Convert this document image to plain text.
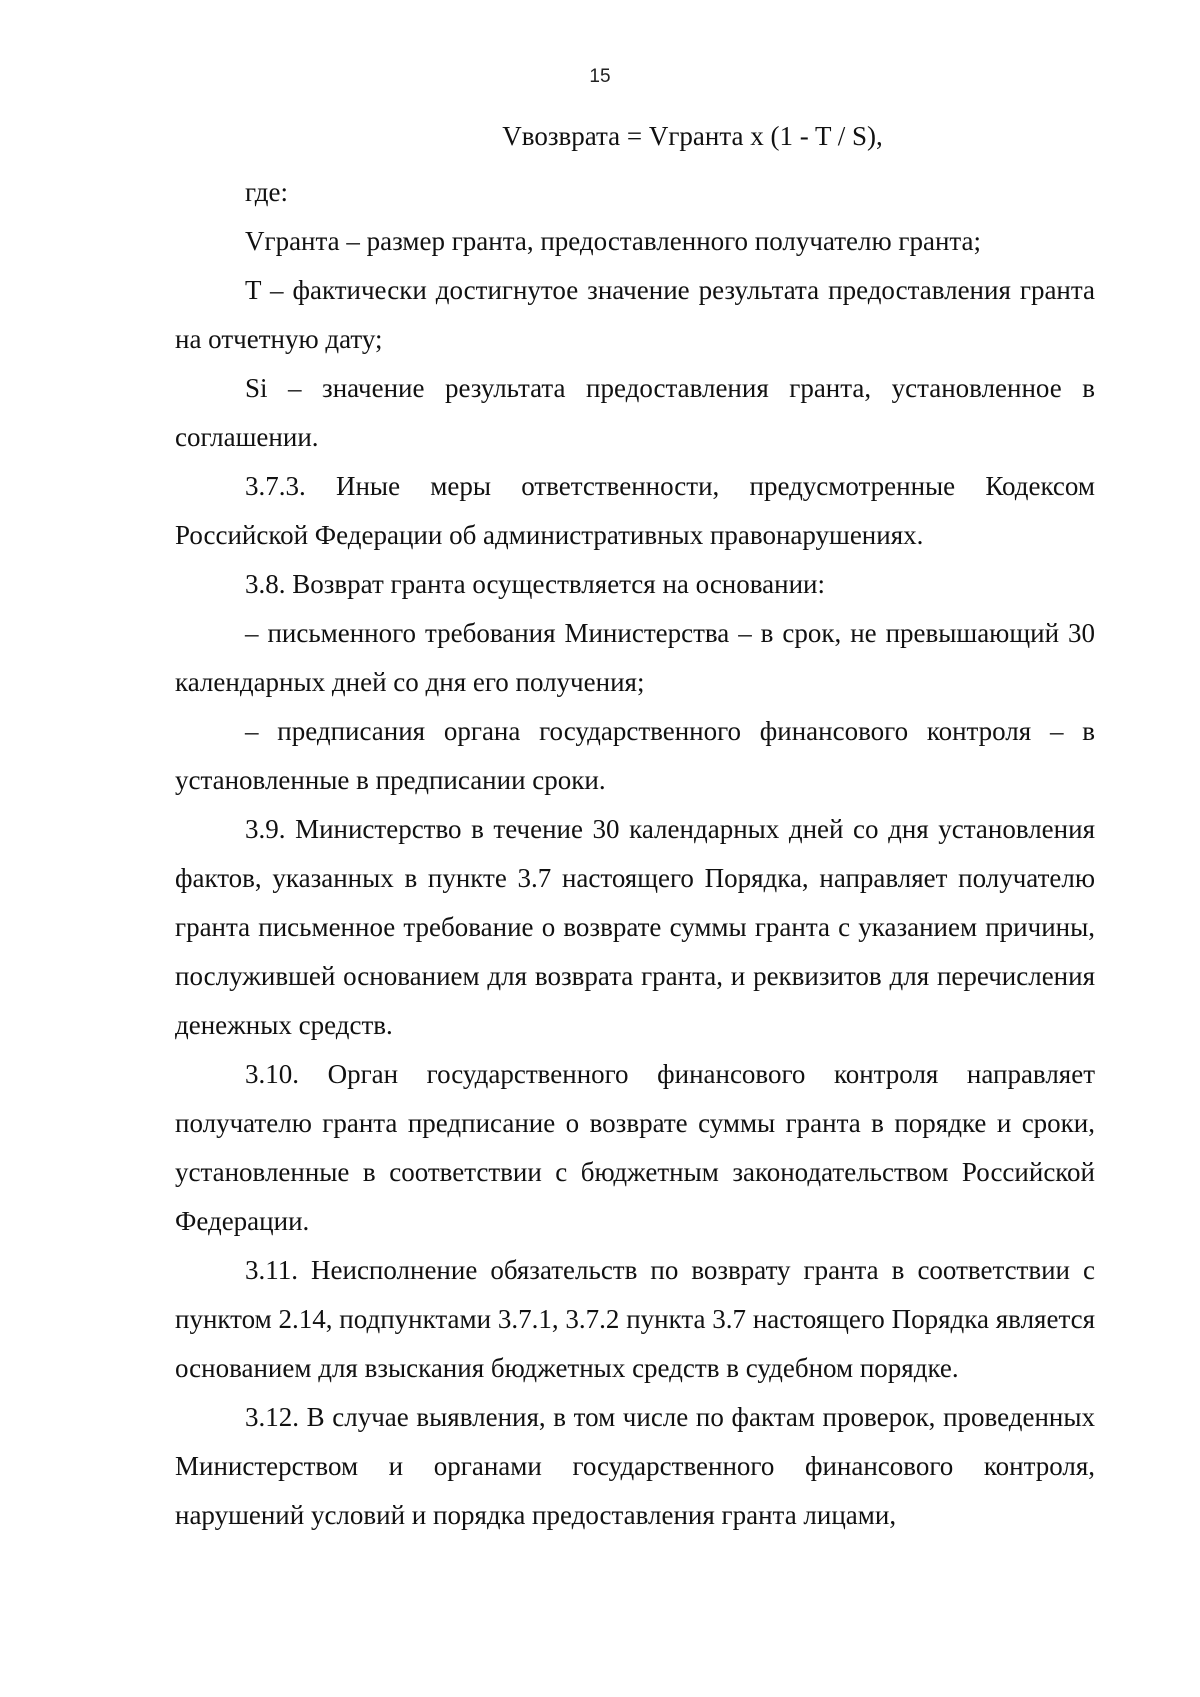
15
Vвозврата = Vгранта x (1 - T / S),

где:

Vгранта – размер гранта, предоставленного получателю гранта;

T – фактически достигнутое значение результата предоставления гранта на отчетную дату;

Si – значение результата предоставления гранта, установленное в соглашении.

3.7.3. Иные меры ответственности, предусмотренные Кодексом Российской Федерации об административных правонарушениях.

3.8. Возврат гранта осуществляется на основании:

– письменного требования Министерства – в срок, не превышающий 30 календарных дней со дня его получения;

– предписания органа государственного финансового контроля – в установленные в предписании сроки.

3.9. Министерство в течение 30 календарных дней со дня установления фактов, указанных в пункте 3.7 настоящего Порядка, направляет получателю гранта письменное требование о возврате суммы гранта с указанием причины, послужившей основанием для возврата гранта, и реквизитов для перечисления денежных средств.

3.10. Орган государственного финансового контроля направляет получателю гранта предписание о возврате суммы гранта в порядке и сроки, установленные в соответствии с бюджетным законодательством Российской Федерации.

3.11. Неисполнение обязательств по возврату гранта в соответствии с пунктом 2.14, подпунктами 3.7.1, 3.7.2 пункта 3.7 настоящего Порядка является основанием для взыскания бюджетных средств в судебном порядке.

3.12. В случае выявления, в том числе по фактам проверок, проведенных Министерством и органами государственного финансового контроля, нарушений условий и порядка предоставления гранта лицами,
